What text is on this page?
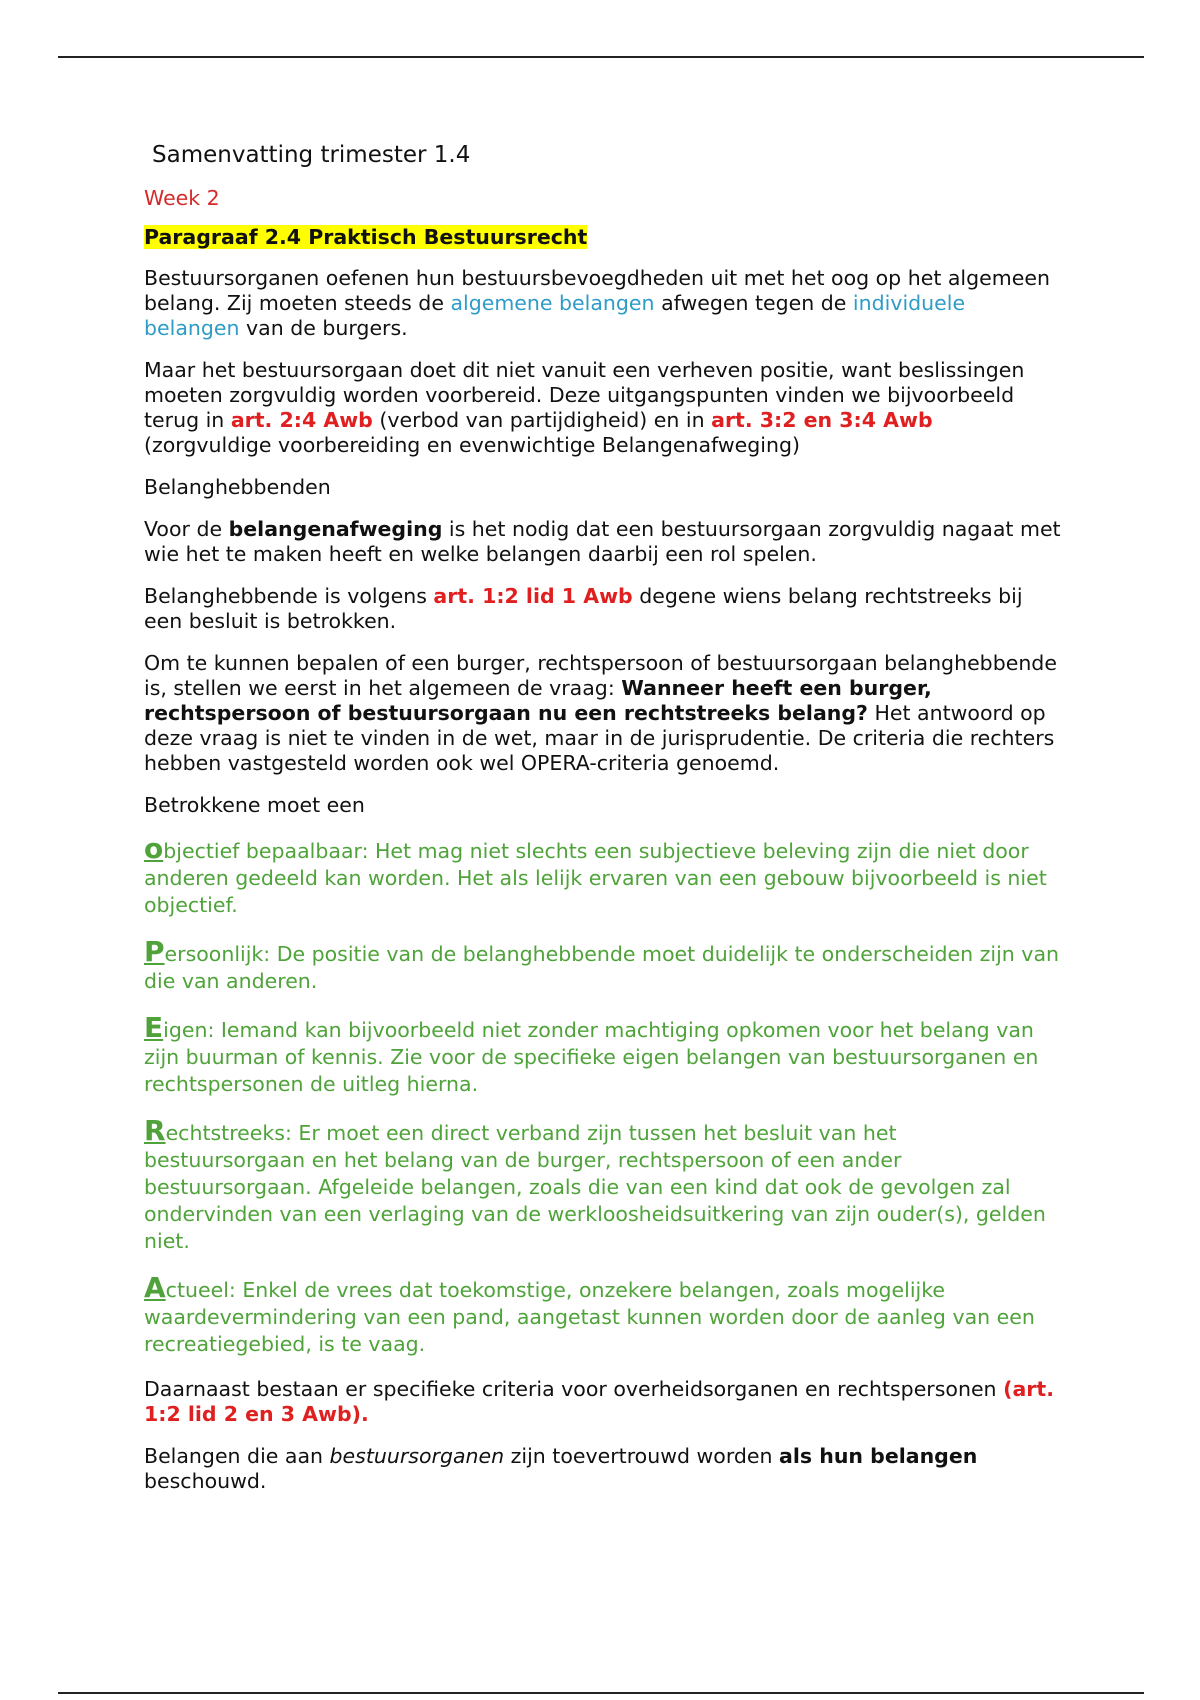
Samenvatting trimester 1.4
Week 2
Paragraaf 2.4 Praktisch Bestuursrecht

Bestuursorganen oefenen hun bestuursbevoegdheden uit met het oog op het algemeen belang. Zij moeten steeds de algemene belangen afwegen tegen de individuele belangen van de burgers.

Maar het bestuursorgaan doet dit niet vanuit een verheven positie, want beslissingen moeten zorgvuldig worden voorbereid. Deze uitgangspunten vinden we bijvoorbeeld terug in art. 2:4 Awb (verbod van partijdigheid) en in art. 3:2 en 3:4 Awb (zorgvuldige voorbereiding en evenwichtige Belangenafweging)

Belanghebbenden

Voor de belangenafweging is het nodig dat een bestuursorgaan zorgvuldig nagaat met wie het te maken heeft en welke belangen daarbij een rol spelen.

Belanghebbende is volgens art. 1:2 lid 1 Awb degene wiens belang rechtstreeks bij een besluit is betrokken.

Om te kunnen bepalen of een burger, rechtspersoon of bestuursorgaan belanghebbende is, stellen we eerst in het algemeen de vraag: Wanneer heeft een burger, rechtspersoon of bestuursorgaan nu een rechtstreeks belang? Het antwoord op deze vraag is niet te vinden in de wet, maar in de jurisprudentie. De criteria die rechters hebben vastgesteld worden ook wel OPERA-criteria genoemd.

Betrokkene moet een

objectief bepaalbaar: Het mag niet slechts een subjectieve beleving zijn die niet door anderen gedeeld kan worden. Het als lelijk ervaren van een gebouw bijvoorbeeld is niet objectief.

Persoonlijk: De positie van de belanghebbende moet duidelijk te onderscheiden zijn van die van anderen.

Eigen: Iemand kan bijvoorbeeld niet zonder machtiging opkomen voor het belang van zijn buurman of kennis. Zie voor de specifieke eigen belangen van bestuursorganen en rechtspersonen de uitleg hierna.

Rechtstreeks: Er moet een direct verband zijn tussen het besluit van het bestuursorgaan en het belang van de burger, rechtspersoon of een ander bestuursorgaan. Afgeleide belangen, zoals die van een kind dat ook de gevolgen zal ondervinden van een verlaging van de werkloosheidsuitkering van zijn ouder(s), gelden niet.

Actueel: Enkel de vrees dat toekomstige, onzekere belangen, zoals mogelijke waardevermindering van een pand, aangetast kunnen worden door de aanleg van een recreatiegebied, is te vaag.

Daarnaast bestaan er specifieke criteria voor overheidsorganen en rechtspersonen (art. 1:2 lid 2 en 3 Awb).

Belangen die aan bestuursorganen zijn toevertrouwd worden als hun belangen beschouwd.
